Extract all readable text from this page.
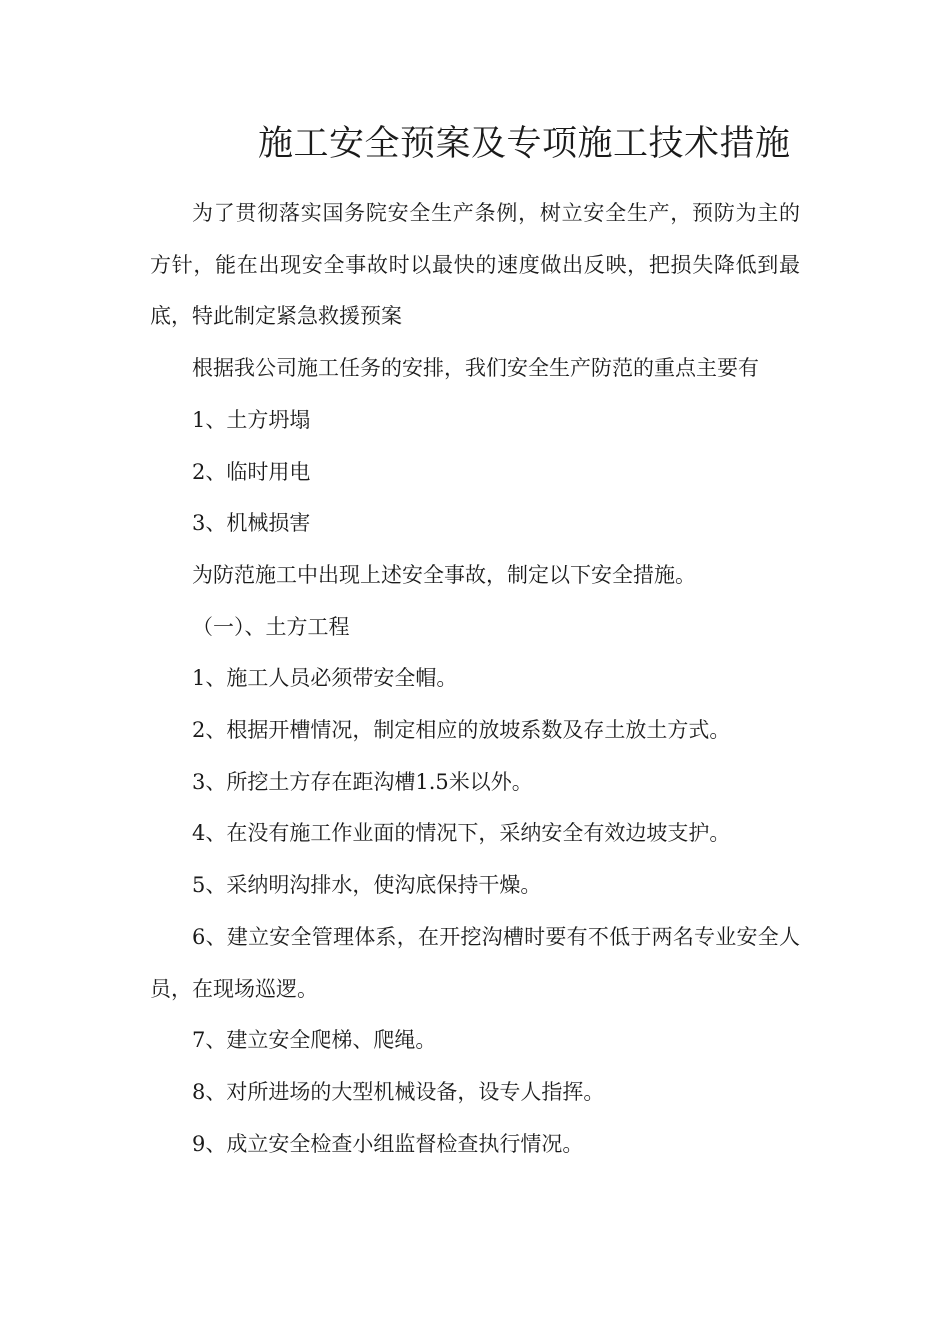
施工安全预案及专项施工技术措施

为了贯彻落实国务院安全生产条例，树立安全生产，预防为主的方针，能在出现安全事故时以最快的速度做出反映，把损失降低到最底，特此制定紧急救援预案

根据我公司施工任务的安排，我们安全生产防范的重点主要有

1、土方坍塌

2、临时用电

3、机械损害

为防范施工中出现上述安全事故，制定以下安全措施。

（一）、土方工程

1、施工人员必须带安全帽。

2、根据开槽情况，制定相应的放坡系数及存土放土方式。

3、所挖土方存在距沟槽1.5米以外。

4、在没有施工作业面的情况下，采纳安全有效边坡支护。

5、采纳明沟排水，使沟底保持干燥。

6、建立安全管理体系，在开挖沟槽时要有不低于两名专业安全人员，在现场巡逻。

7、建立安全爬梯、爬绳。

8、对所进场的大型机械设备，设专人指挥。

9、成立安全检查小组监督检查执行情况。
